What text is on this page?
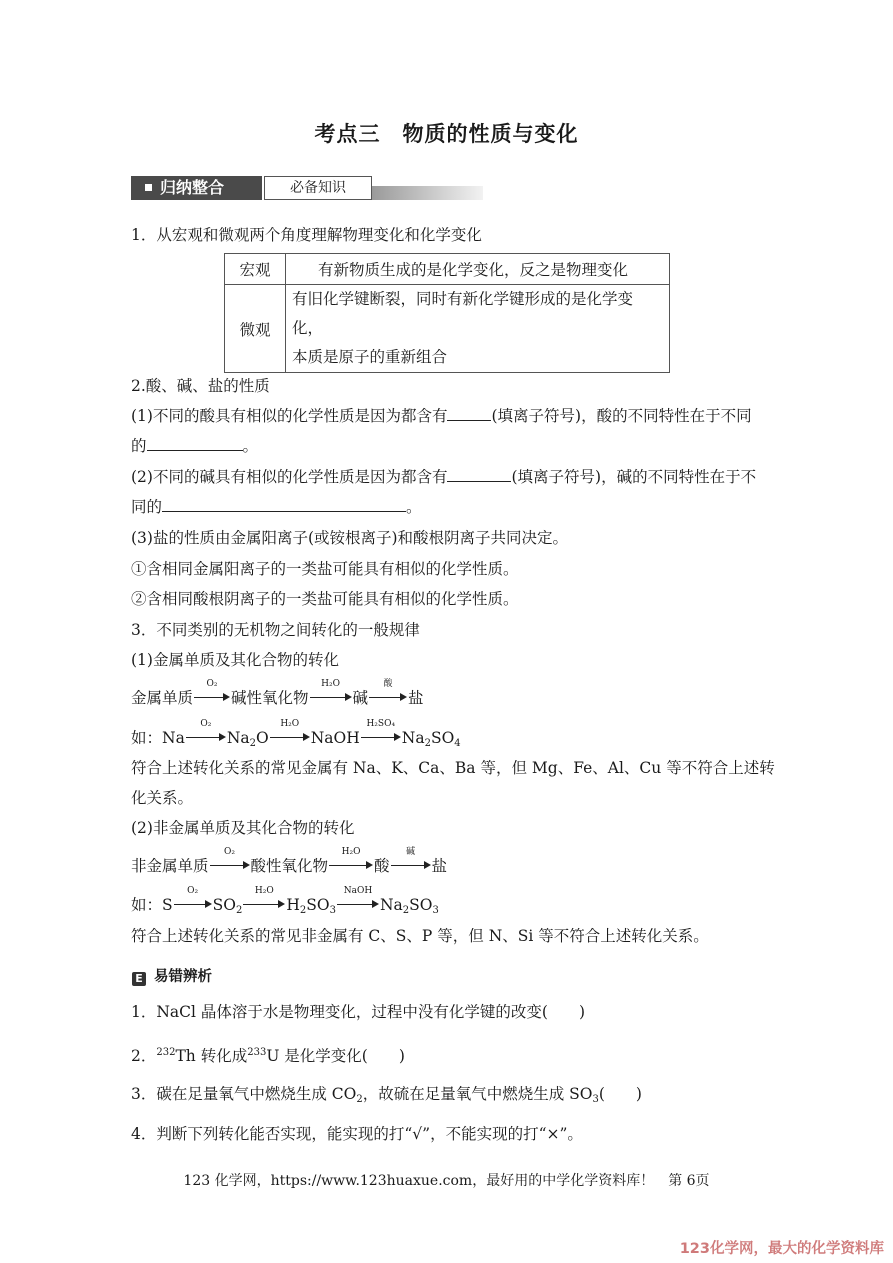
考点三 物质的性质与变化
归纳整合	必备知识
1．从宏观和微观两个角度理解物理变化和化学变化
宏观	有新物质生成的是化学变化，反之是物理变化
微观	有旧化学键断裂，同时有新化学键形成的是化学变化，
本质是原子的重新组合
2.酸、碱、盐的性质
(1)不同的酸具有相似的化学性质是因为都含有	(填离子符号)，酸的不同特性在于不同
的	。
(2)不同的碱具有相似的化学性质是因为都含有	(填离子符号)，碱的不同特性在于不
同的	。
(3)盐的性质由金属阳离子(或铵根离子)和酸根阴离子共同决定。
①含相同金属阳离子的一类盐可能具有相似的化学性质。
②含相同酸根阴离子的一类盐可能具有相似的化学性质。
3．不同类别的无机物之间转化的一般规律
(1)金属单质及其化合物的转化
金属单质
O₂
碱性氧化物
H₂O
碱
酸
盐
如：Na
O₂
$Na_2O$
H₂O
NaOH
H₂SO₄
$Na_2SO_4$
符合上述转化关系的常见金属有 Na、K、Ca、Ba 等，但 Mg、Fe、Al、Cu 等不符合上述转
化关系。
(2)非金属单质及其化合物的转化
非金属单质
O₂
酸性氧化物
H₂O
酸
碱
盐
如：S
O₂
$SO_2$
H₂O
$H_2SO_3$
NaOH
$Na_2SO_3$
符合上述转化关系的常见非金属有 C、S、P 等，但 N、Si 等不符合上述转化关系。
E 易错辨析
1．NaCl 晶体溶于水是物理变化，过程中没有化学键的改变(　　)
2．$^{232}$Th 转化成$^{233}$U 是化学变化(　　)
3．碳在足量氧气中燃烧生成 $CO_2$，故硫在足量氧气中燃烧生成 $SO_3$(　　)
4．判断下列转化能否实现，能实现的打“√”，不能实现的打“×”。
123 化学网，https://www.123huaxue.com，最好用的中学化学资料库！　第 6页
123化学网，最大的化学资料库
